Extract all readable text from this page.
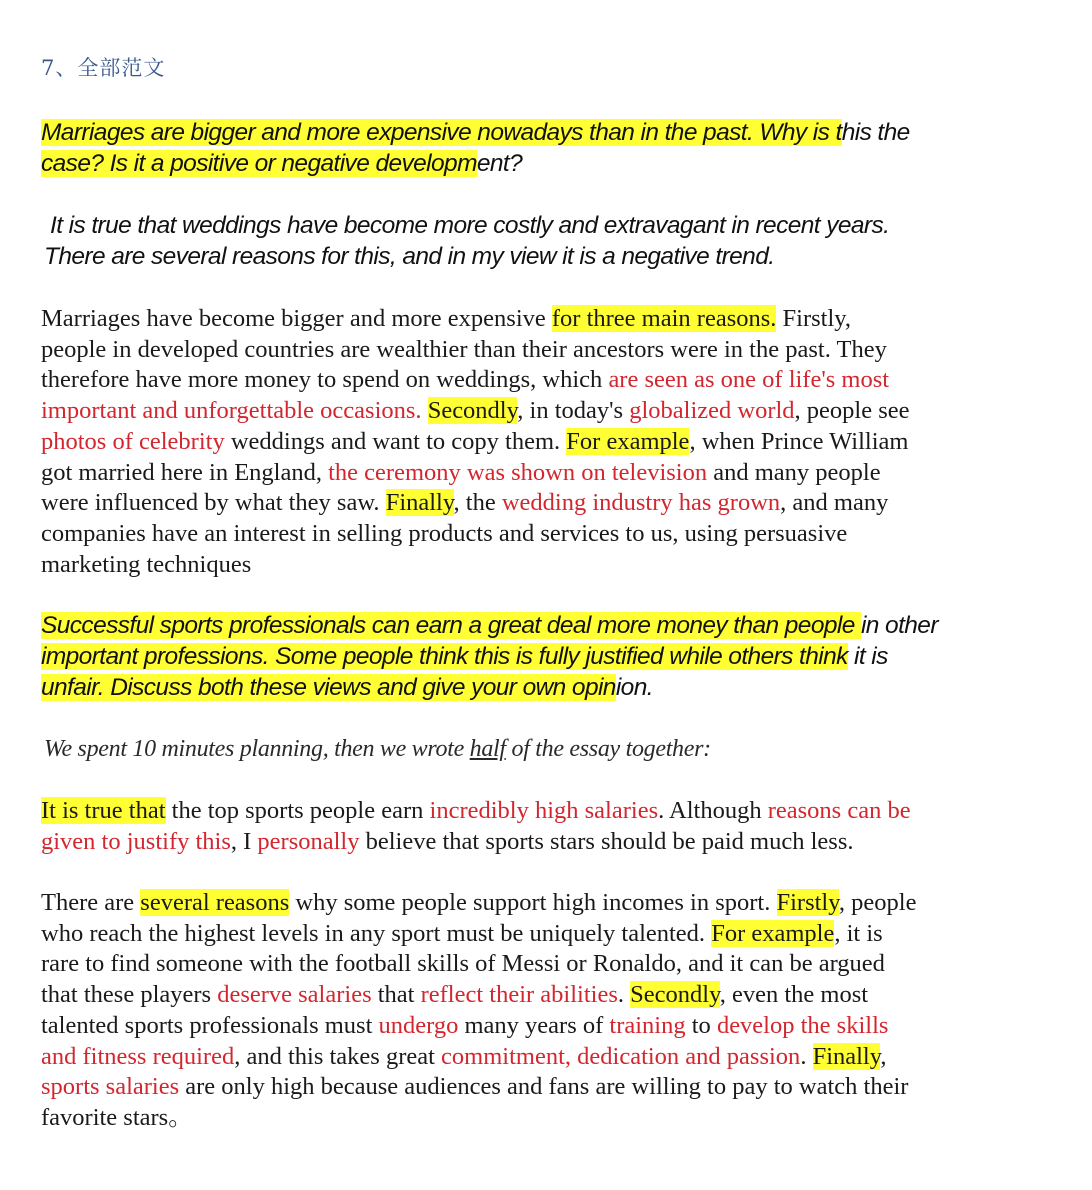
7、全部范文
Marriages are bigger and more expensive nowadays than in the past. Why is this the
case? Is it a positive or negative development?
It is true that weddings have become more costly and extravagant in recent years.
There are several reasons for this, and in my view it is a negative trend.
Marriages have become bigger and more expensive for three main reasons. Firstly,
people in developed countries are wealthier than their ancestors were in the past. They
therefore have more money to spend on weddings, which are seen as one of life's most
important and unforgettable occasions. Secondly, in today's globalized world, people see
photos of celebrity weddings and want to copy them. For example, when Prince William
got married here in England, the ceremony was shown on television and many people
were influenced by what they saw. Finally, the wedding industry has grown, and many
companies have an interest in selling products and services to us, using persuasive
marketing techniques
Successful sports professionals can earn a great deal more money than people in other
important professions. Some people think this is fully justified while others think it is
unfair. Discuss both these views and give your own opinion.
We spent 10 minutes planning, then we wrote half of the essay together:
It is true that the top sports people earn incredibly high salaries. Although reasons can be
given to justify this, I personally believe that sports stars should be paid much less.
There are several reasons why some people support high incomes in sport. Firstly, people
who reach the highest levels in any sport must be uniquely talented. For example, it is
rare to find someone with the football skills of Messi or Ronaldo, and it can be argued
that these players deserve salaries that reflect their abilities. Secondly, even the most
talented sports professionals must undergo many years of training to develop the skills
and fitness required, and this takes great commitment, dedication and passion. Finally,
sports salaries are only high because audiences and fans are willing to pay to watch their
favorite stars。
